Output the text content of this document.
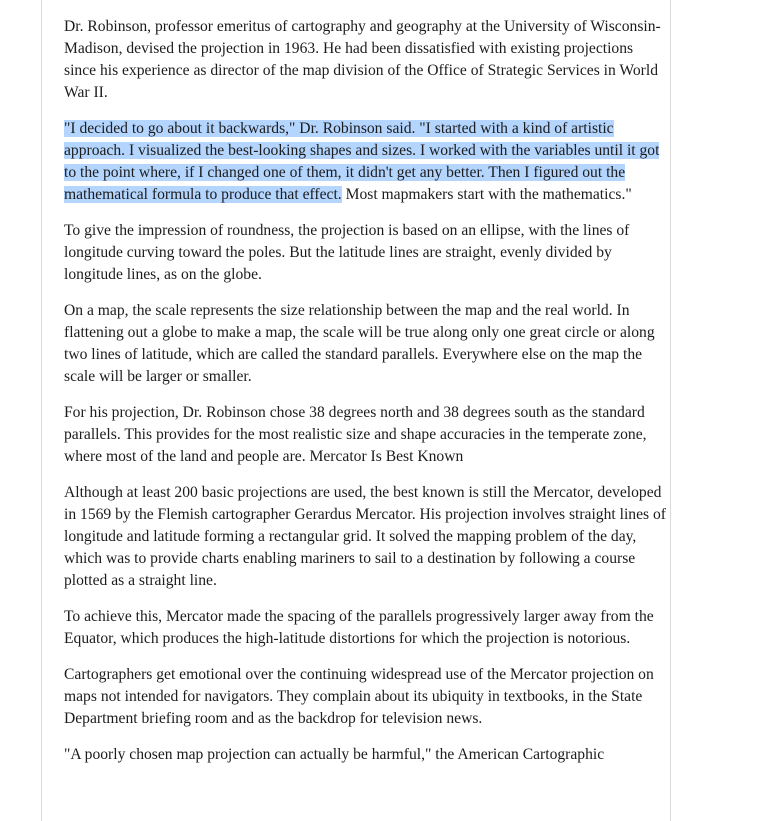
Dr. Robinson, professor emeritus of cartography and geography at the University of Wisconsin-Madison, devised the projection in 1963. He had been dissatisfied with existing projections since his experience as director of the map division of the Office of Strategic Services in World War II.

"I decided to go about it backwards," Dr. Robinson said. "I started with a kind of artistic approach. I visualized the best-looking shapes and sizes. I worked with the variables until it got to the point where, if I changed one of them, it didn't get any better. Then I figured out the mathematical formula to produce that effect. Most mapmakers start with the mathematics."

To give the impression of roundness, the projection is based on an ellipse, with the lines of longitude curving toward the poles. But the latitude lines are straight, evenly divided by longitude lines, as on the globe.

On a map, the scale represents the size relationship between the map and the real world. In flattening out a globe to make a map, the scale will be true along only one great circle or along two lines of latitude, which are called the standard parallels. Everywhere else on the map the scale will be larger or smaller.

For his projection, Dr. Robinson chose 38 degrees north and 38 degrees south as the standard parallels. This provides for the most realistic size and shape accuracies in the temperate zone, where most of the land and people are. Mercator Is Best Known

Although at least 200 basic projections are used, the best known is still the Mercator, developed in 1569 by the Flemish cartographer Gerardus Mercator. His projection involves straight lines of longitude and latitude forming a rectangular grid. It solved the mapping problem of the day, which was to provide charts enabling mariners to sail to a destination by following a course plotted as a straight line.

To achieve this, Mercator made the spacing of the parallels progressively larger away from the Equator, which produces the high-latitude distortions for which the projection is notorious.

Cartographers get emotional over the continuing widespread use of the Mercator projection on maps not intended for navigators. They complain about its ubiquity in textbooks, in the State Department briefing room and as the backdrop for television news.

"A poorly chosen map projection can actually be harmful," the American Cartographic
